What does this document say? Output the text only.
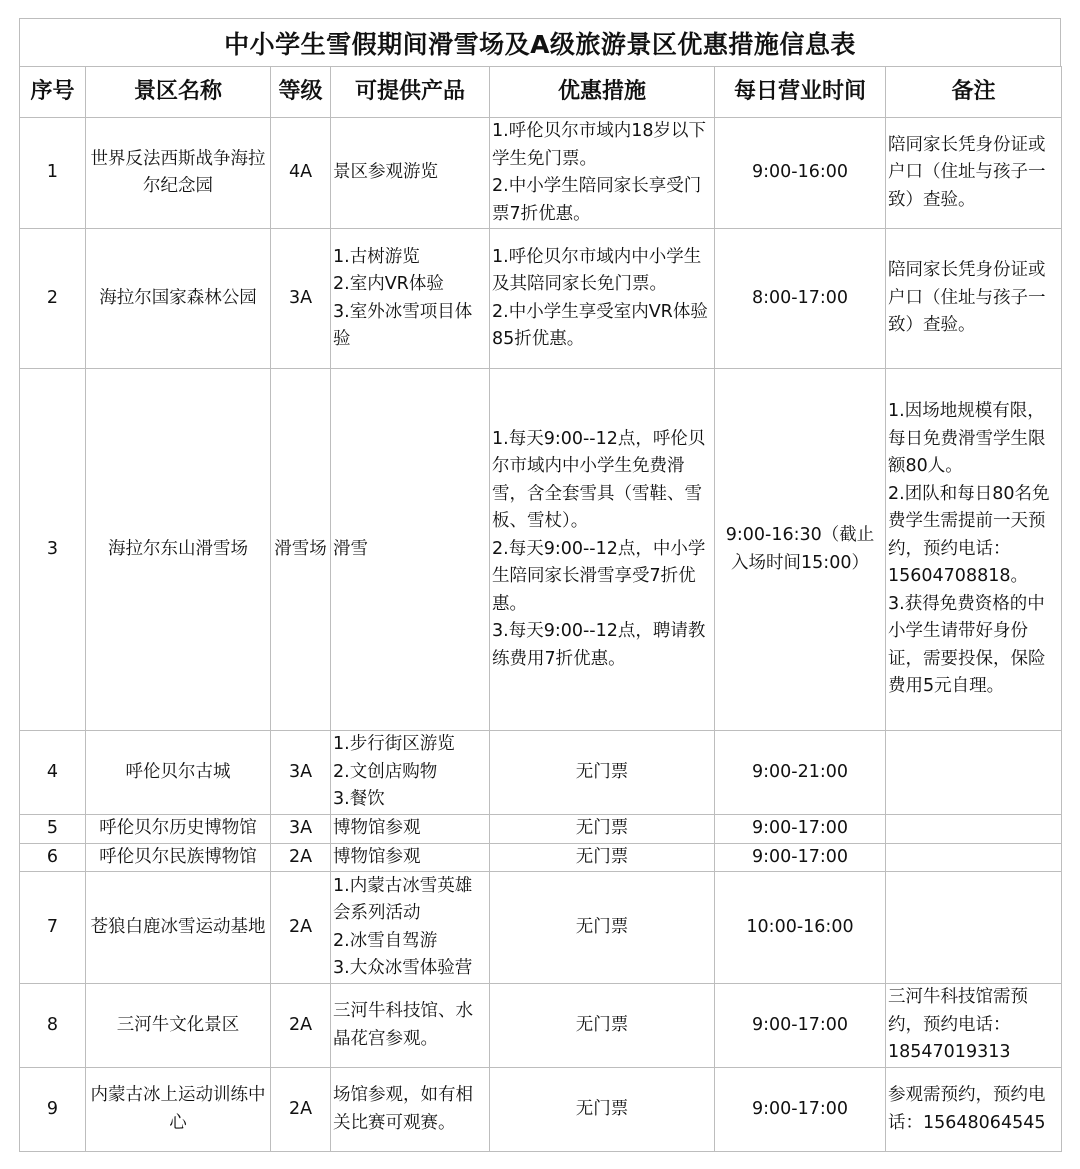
中小学生雪假期间滑雪场及A级旅游景区优惠措施信息表
序号	景区名称	等级	可提供产品	优惠措施	每日营业时间	备注
1	世界反法西斯战争海拉尔纪念园	4A	景区参观游览	1.呼伦贝尔市域内18岁以下学生免门票。
2.中小学生陪同家长享受门票7折优惠。	9:00-16:00	陪同家长凭身份证或户口（住址与孩子一致）查验。
2	海拉尔国家森林公园	3A	1.古树游览
2.室内VR体验
3.室外冰雪项目体验	1.呼伦贝尔市域内中小学生及其陪同家长免门票。
2.中小学生享受室内VR体验85折优惠。	8:00-17:00	陪同家长凭身份证或户口（住址与孩子一致）查验。
3	海拉尔东山滑雪场	滑雪场	滑雪	1.每天9:00--12点，呼伦贝尔市域内中小学生免费滑雪，含全套雪具（雪鞋、雪板、雪杖）。
2.每天9:00--12点，中小学生陪同家长滑雪享受7折优惠。
3.每天9:00--12点，聘请教练费用7折优惠。	9:00-16:30（截止入场时间15:00）	1.因场地规模有限，每日免费滑雪学生限额80人。
2.团队和每日80名免费学生需提前一天预约，预约电话：15604708818。
3.获得免费资格的中小学生请带好身份证，需要投保，保险费用5元自理。
4	呼伦贝尔古城	3A	1.步行街区游览
2.文创店购物
3.餐饮	无门票	9:00-21:00	
5	呼伦贝尔历史博物馆	3A	博物馆参观	无门票	9:00-17:00	
6	呼伦贝尔民族博物馆	2A	博物馆参观	无门票	9:00-17:00	
7	苍狼白鹿冰雪运动基地	2A	1.内蒙古冰雪英雄会系列活动
2.冰雪自驾游
3.大众冰雪体验营	无门票	10:00-16:00	
8	三河牛文化景区	2A	三河牛科技馆、水晶花宫参观。	无门票	9:00-17:00	三河牛科技馆需预约，预约电话：18547019313
9	内蒙古冰上运动训练中心	2A	场馆参观，如有相关比赛可观赛。	无门票	9:00-17:00	参观需预约，预约电话：15648064545
